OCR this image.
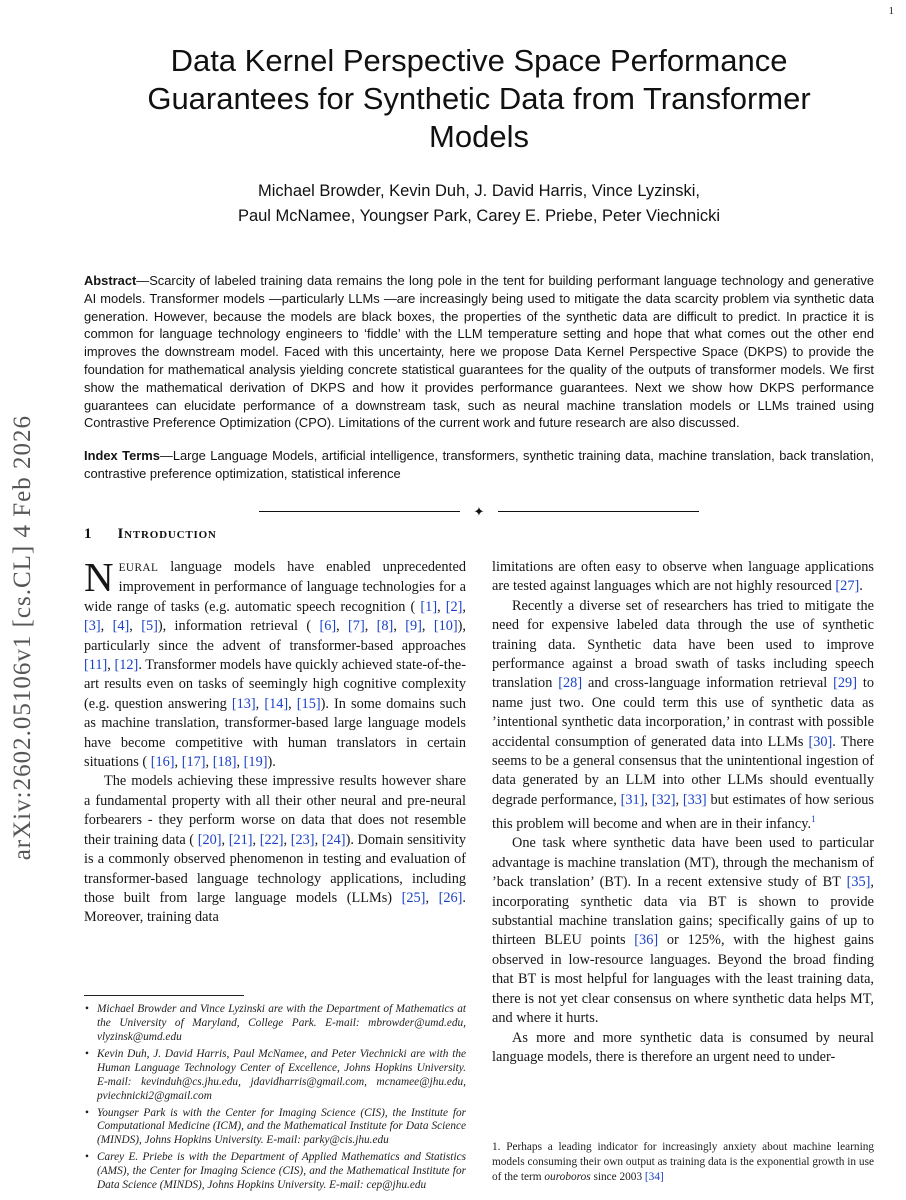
1
arXiv:2602.05106v1 [cs.CL] 4 Feb 2026
Data Kernel Perspective Space Performance Guarantees for Synthetic Data from Transformer Models
Michael Browder, Kevin Duh, J. David Harris, Vince Lyzinski,
Paul McNamee, Youngser Park, Carey E. Priebe, Peter Viechnicki

Abstract—Scarcity of labeled training data remains the long pole in the tent for building performant language technology and generative AI models. Transformer models —particularly LLMs —are increasingly being used to mitigate the data scarcity problem via synthetic data generation. However, because the models are black boxes, the properties of the synthetic data are difficult to predict. In practice it is common for language technology engineers to ‘fiddle’ with the LLM temperature setting and hope that what comes out the other end improves the downstream model. Faced with this uncertainty, here we propose Data Kernel Perspective Space (DKPS) to provide the foundation for mathematical analysis yielding concrete statistical guarantees for the quality of the outputs of transformer models. We first show the mathematical derivation of DKPS and how it provides performance guarantees. Next we show how DKPS performance guarantees can elucidate performance of a downstream task, such as neural machine translation models or LLMs trained using Contrastive Preference Optimization (CPO). Limitations of the current work and future research are also discussed.

Index Terms—Large Language Models, artificial intelligence, transformers, synthetic training data, machine translation, back translation, contrastive preference optimization, statistical inference

✦
1 Introduction

NEURAL language models have enabled unprecedented improvement in performance of language technologies for a wide range of tasks (e.g. automatic speech recognition ( [1], [2], [3], [4], [5]), information retrieval ( [6], [7], [8], [9], [10]), particularly since the advent of transformer-based approaches [11], [12]. Transformer models have quickly achieved state-of-the-art results even on tasks of seemingly high cognitive complexity (e.g. question answering [13], [14], [15]). In some domains such as machine translation, transformer-based large language models have become competitive with human translators in certain situations ( [16], [17], [18], [19]).

The models achieving these impressive results however share a fundamental property with all their other neural and pre-neural forbearers - they perform worse on data that does not resemble their training data ( [20], [21], [22], [23], [24]). Domain sensitivity is a commonly observed phenomenon in testing and evaluation of transformer-based language technology applications, including those built from large language models (LLMs) [25], [26]. Moreover, training data

• Michael Browder and Vince Lyzinski are with the Department of Mathematics at the University of Maryland, College Park. E-mail: mbrowder@umd.edu, vlyzinsk@umd.edu
• Kevin Duh, J. David Harris, Paul McNamee, and Peter Viechnicki are with the Human Language Technology Center of Excellence, Johns Hopkins University. E-mail: kevinduh@cs.jhu.edu, jdavidharris@gmail.com, mcnamee@jhu.edu, pviechnicki2@gmail.com
• Youngser Park is with the Center for Imaging Science (CIS), the Institute for Computational Medicine (ICM), and the Mathematical Institute for Data Science (MINDS), Johns Hopkins University. E-mail: parky@cis.jhu.edu
• Carey E. Priebe is with the Department of Applied Mathematics and Statistics (AMS), the Center for Imaging Science (CIS), and the Mathematical Institute for Data Science (MINDS), Johns Hopkins University. E-mail: cep@jhu.edu

limitations are often easy to observe when language applications are tested against languages which are not highly resourced [27].

Recently a diverse set of researchers has tried to mitigate the need for expensive labeled data through the use of synthetic training data. Synthetic data have been used to improve performance against a broad swath of tasks including speech translation [28] and cross-language information retrieval [29] to name just two. One could term this use of synthetic data as ’intentional synthetic data incorporation,’ in contrast with possible accidental consumption of generated data into LLMs [30]. There seems to be a general consensus that the unintentional ingestion of data generated by an LLM into other LLMs should eventually degrade performance, [31], [32], [33] but estimates of how serious this problem will become and when are in their infancy.$^1$

One task where synthetic data have been used to particular advantage is machine translation (MT), through the mechanism of ’back translation’ (BT). In a recent extensive study of BT [35], incorporating synthetic data via BT is shown to provide substantial machine translation gains; specifically gains of up to thirteen BLEU points [36] or 125%, with the highest gains observed in low-resource languages. Beyond the broad finding that BT is most helpful for languages with the least training data, there is not yet clear consensus on where synthetic data helps MT, and where it hurts.

As more and more synthetic data is consumed by neural language models, there is therefore an urgent need to under-

1. Perhaps a leading indicator for increasingly anxiety about machine learning models consuming their own output as training data is the exponential growth in use of the term ouroboros since 2003 [34]
